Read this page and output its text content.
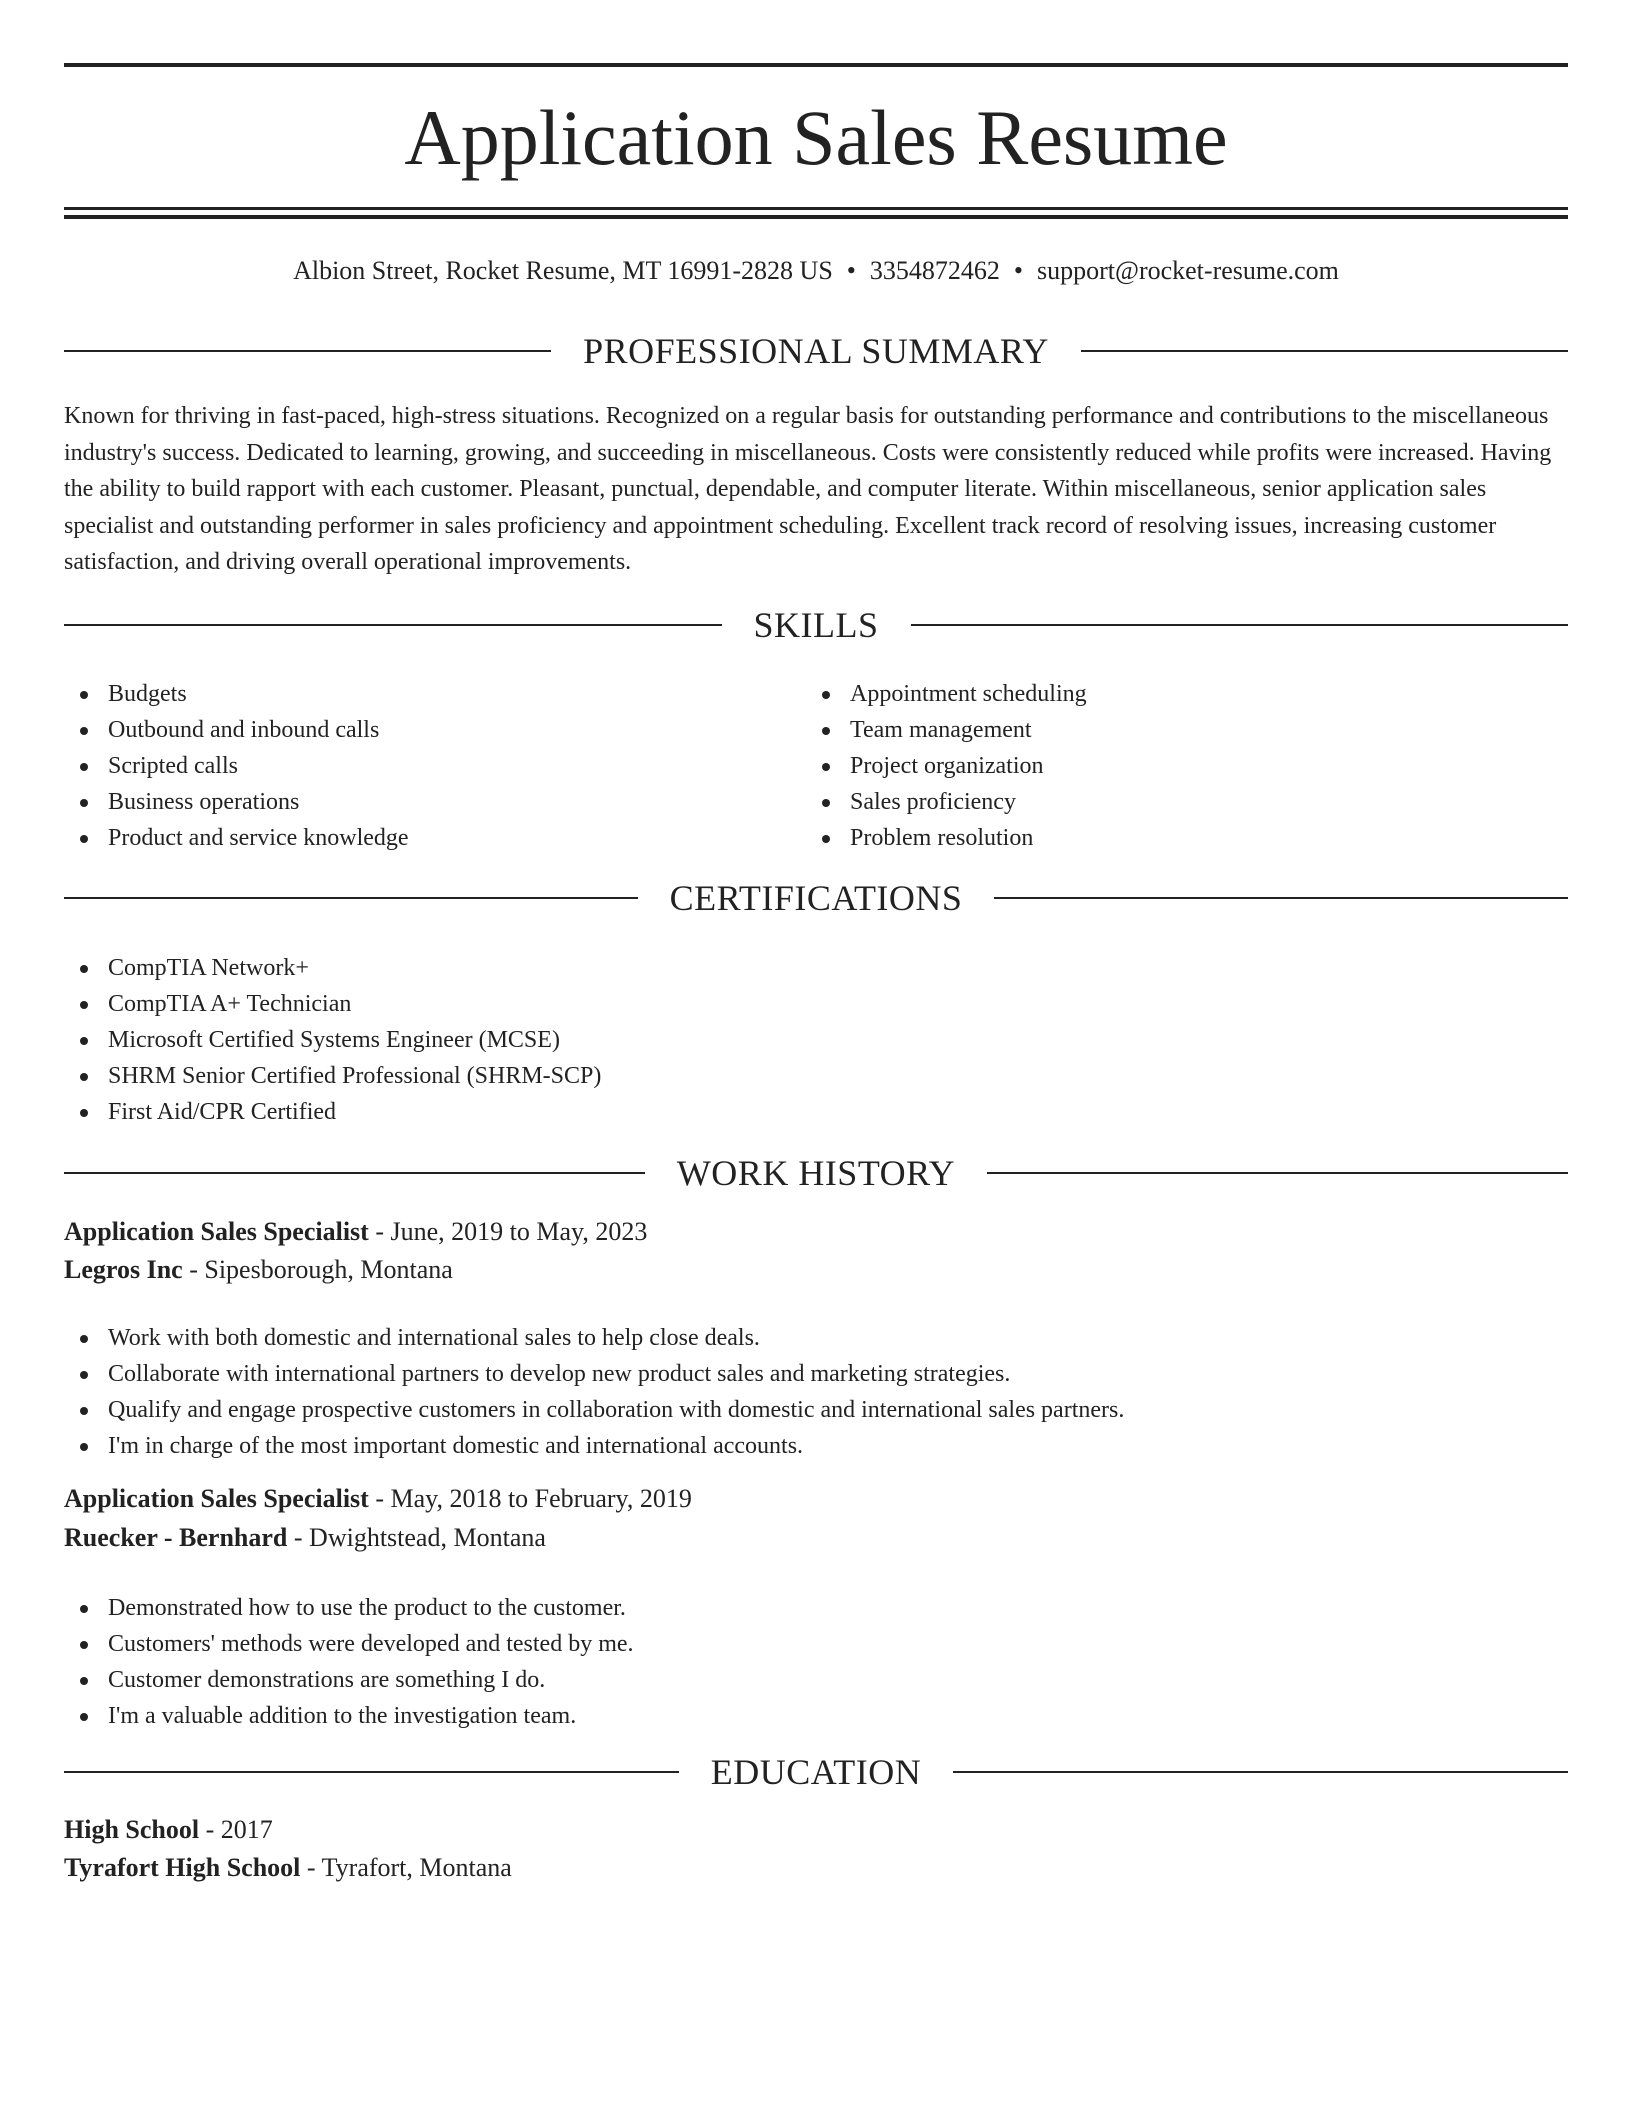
Application Sales Resume
Albion Street, Rocket Resume, MT 16991-2828 US • 3354872462 • support@rocket-resume.com
PROFESSIONAL SUMMARY

Known for thriving in fast-paced, high-stress situations. Recognized on a regular basis for outstanding performance and contributions to the miscellaneous industry's success. Dedicated to learning, growing, and succeeding in miscellaneous. Costs were consistently reduced while profits were increased. Having the ability to build rapport with each customer. Pleasant, punctual, dependable, and computer literate. Within miscellaneous, senior application sales specialist and outstanding performer in sales proficiency and appointment scheduling. Excellent track record of resolving issues, increasing customer satisfaction, and driving overall operational improvements.

SKILLS
Budgets
Outbound and inbound calls
Scripted calls
Business operations
Product and service knowledge
Appointment scheduling
Team management
Project organization
Sales proficiency
Problem resolution
CERTIFICATIONS
CompTIA Network+
CompTIA A+ Technician
Microsoft Certified Systems Engineer (MCSE)
SHRM Senior Certified Professional (SHRM-SCP)
First Aid/CPR Certified
WORK HISTORY
Application Sales Specialist - June, 2019 to May, 2023
Legros Inc - Sipesborough, Montana
Work with both domestic and international sales to help close deals.
Collaborate with international partners to develop new product sales and marketing strategies.
Qualify and engage prospective customers in collaboration with domestic and international sales partners.
I'm in charge of the most important domestic and international accounts.
Application Sales Specialist - May, 2018 to February, 2019
Ruecker - Bernhard - Dwightstead, Montana
Demonstrated how to use the product to the customer.
Customers' methods were developed and tested by me.
Customer demonstrations are something I do.
I'm a valuable addition to the investigation team.
EDUCATION
High School - 2017
Tyrafort High School - Tyrafort, Montana
